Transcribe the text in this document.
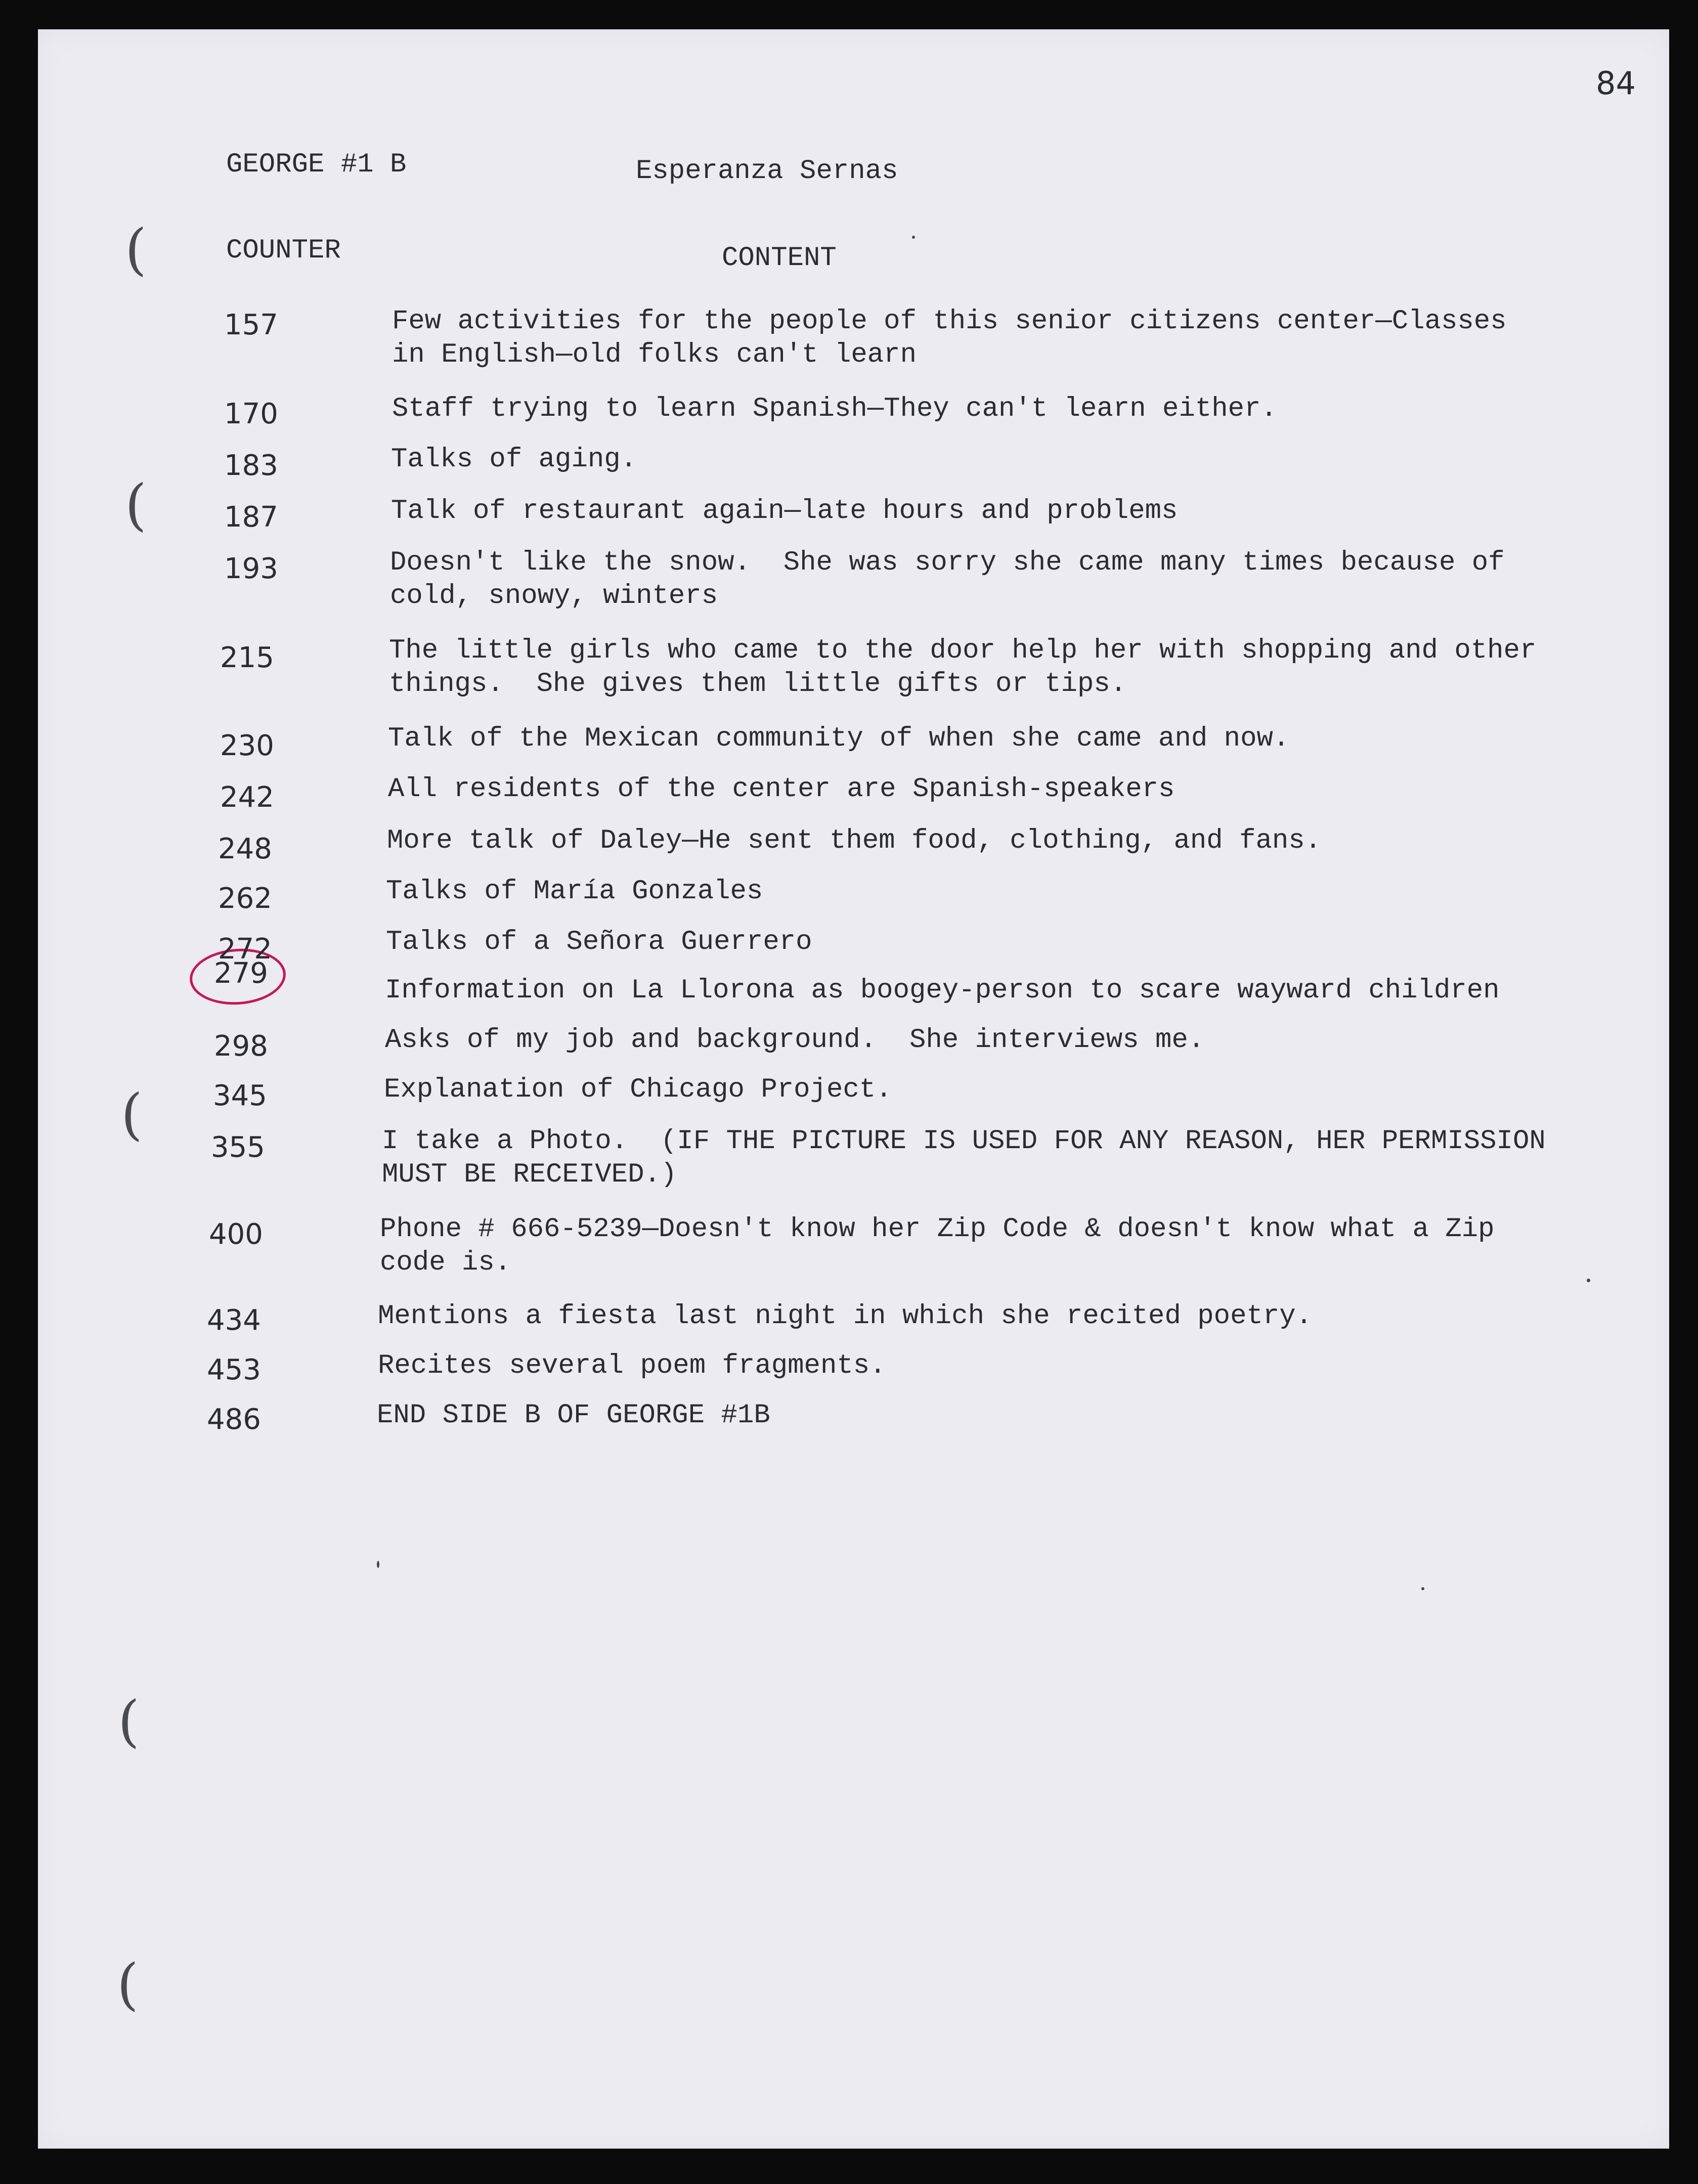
84
GEORGE #1 B	Esperanza Sernas
COUNTER	CONTENT
(
(
(
(
(
157
170
183
187
193
215
230
242
248
262
272
279
298
345
355
400
434
453
486
Few activities for the people of this senior citizens center—Classes
in English—old folks can't learn
Staff trying to learn Spanish—They can't learn either.
Talks of aging.
Talk of restaurant again—late hours and problems
Doesn't like the snow.  She was sorry she came many times because of
cold, snowy, winters
The little girls who came to the door help her with shopping and other
things.  She gives them little gifts or tips.
Talk of the Mexican community of when she came and now.
All residents of the center are Spanish-speakers
More talk of Daley—He sent them food, clothing, and fans.
Talks of María Gonzales
Talks of a Señora Guerrero
Information on La Llorona as boogey-person to scare wayward children
Asks of my job and background.  She interviews me.
Explanation of Chicago Project.
I take a Photo.  (IF THE PICTURE IS USED FOR ANY REASON, HER PERMISSION
MUST BE RECEIVED.)
Phone # 666-5239—Doesn't know her Zip Code & doesn't know what a Zip
code is.
Mentions a fiesta last night in which she recited poetry.
Recites several poem fragments.
END SIDE B OF GEORGE #1B
